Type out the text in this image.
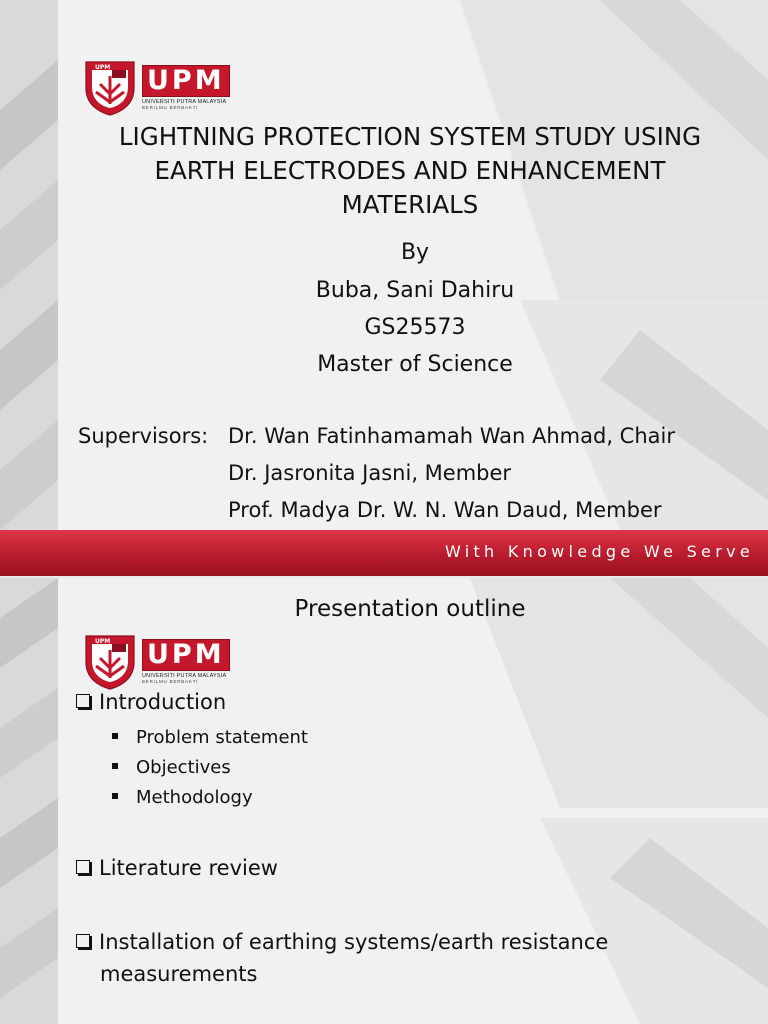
UPM UPM
UNIVERSITI PUTRA MALAYSIA
BERILMU BERBAKTI
LIGHTNING PROTECTION SYSTEM STUDY USING
EARTH ELECTRODES AND ENHANCEMENT
MATERIALS
By
Buba, Sani Dahiru
GS25573
Master of Science
Supervisors: Dr. Wan Fatinhamamah Wan Ahmad, Chair
Dr. Jasronita Jasni, Member
Prof. Madya Dr. W. N. Wan Daud, Member
With Knowledge We Serve
Presentation outline
UPM UPM
UNIVERSITI PUTRA MALAYSIA
BERILMU BERBAKTI
Introduction
Problem statement
Objectives
Methodology
Literature review
Installation of earthing systems/earth resistance
measurements
